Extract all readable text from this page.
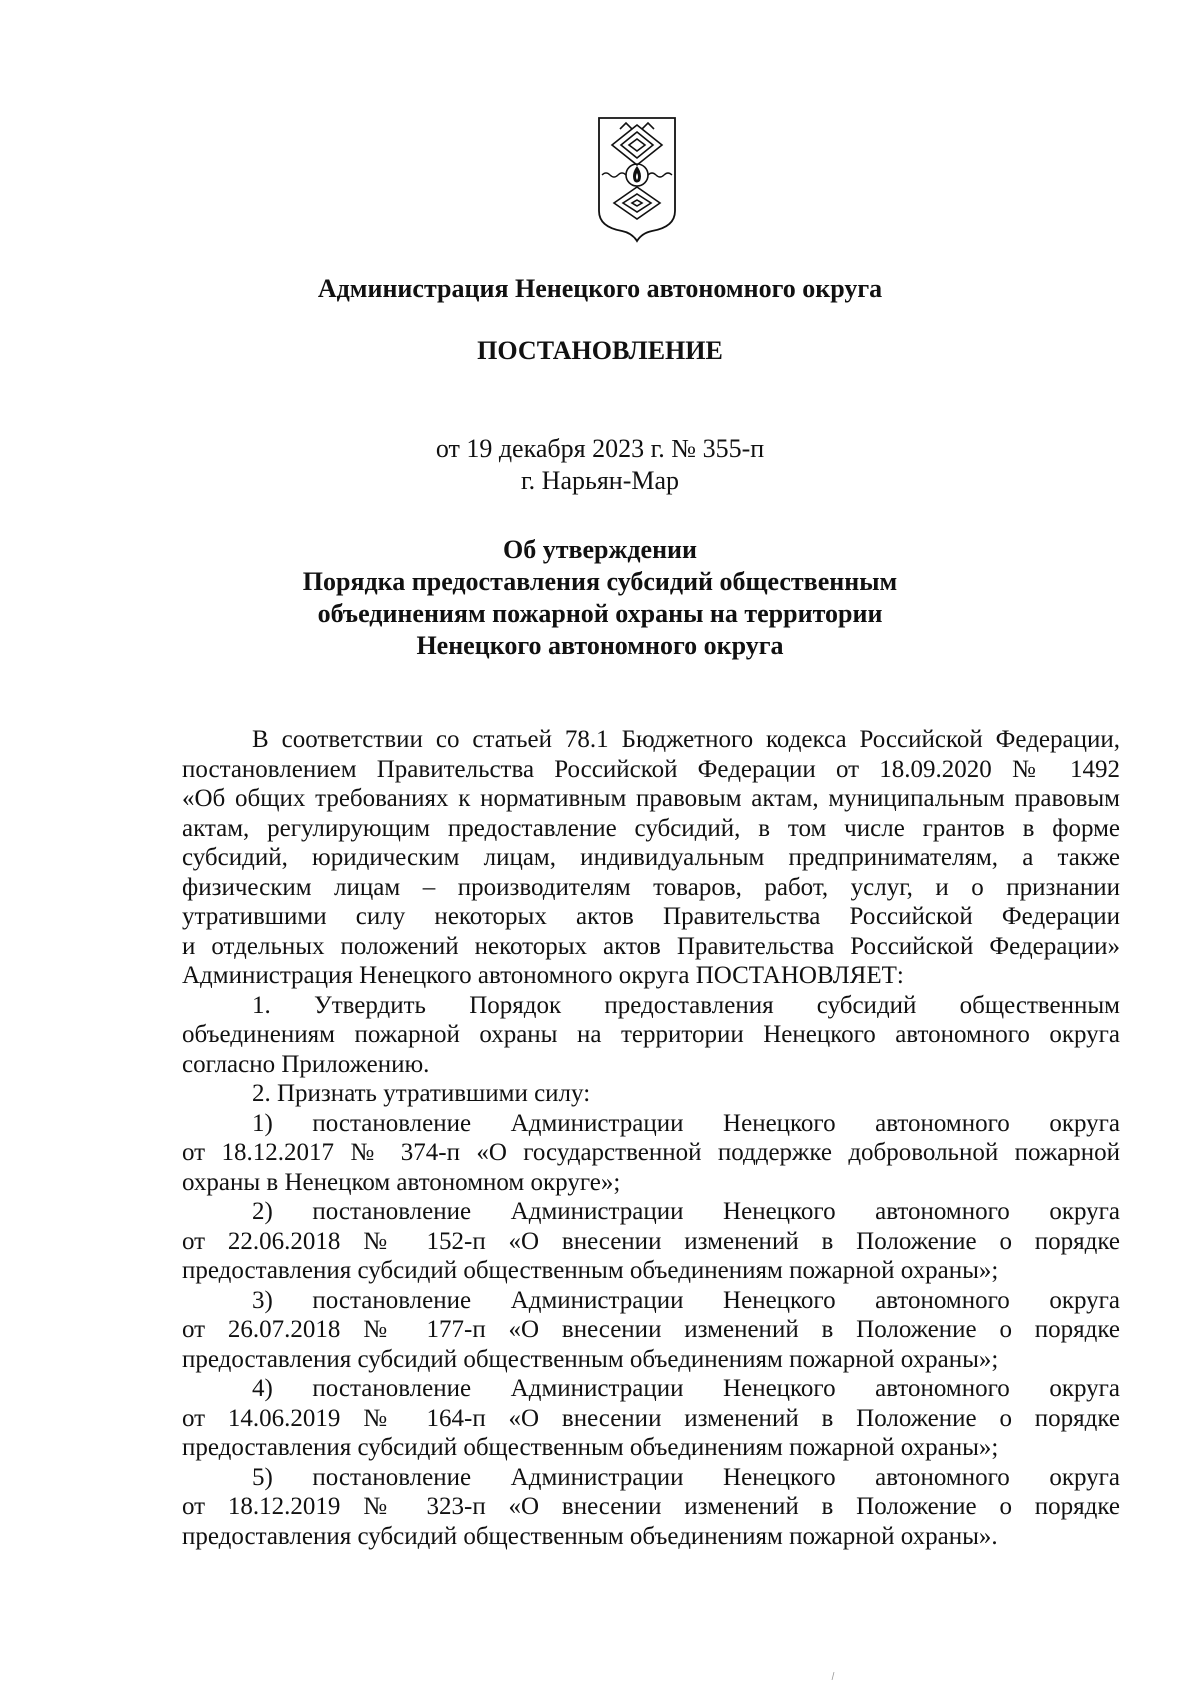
Администрация Ненецкого автономного округа
ПОСТАНОВЛЕНИЕ
от 19 декабря 2023 г. № 355-п
г. Нарьян-Мар
Об утверждении
Порядка предоставления субсидий общественным
объединениям пожарной охраны на территории
Ненецкого автономного округа
В соответствии со статьей 78.1 Бюджетного кодекса Российской Федерации,
постановлением Правительства Российской Федерации от 18.09.2020 № 1492
«Об общих требованиях к нормативным правовым актам, муниципальным правовым
актам, регулирующим предоставление субсидий, в том числе грантов в форме
субсидий, юридическим лицам, индивидуальным предпринимателям, а также
физическим лицам – производителям товаров, работ, услуг, и о признании
утратившими силу некоторых актов Правительства Российской Федерации
и отдельных положений некоторых актов Правительства Российской Федерации»
Администрация Ненецкого автономного округа ПОСТАНОВЛЯЕТ:
1. Утвердить Порядок предоставления субсидий общественным
объединениям пожарной охраны на территории Ненецкого автономного округа
согласно Приложению.
2. Признать утратившими силу:
1) постановление Администрации Ненецкого автономного округа
от 18.12.2017 № 374-п «О государственной поддержке добровольной пожарной
охраны в Ненецком автономном округе»;
2) постановление Администрации Ненецкого автономного округа
от 22.06.2018 № 152-п «О внесении изменений в Положение о порядке
предоставления субсидий общественным объединениям пожарной охраны»;
3) постановление Администрации Ненецкого автономного округа
от 26.07.2018 № 177-п «О внесении изменений в Положение о порядке
предоставления субсидий общественным объединениям пожарной охраны»;
4) постановление Администрации Ненецкого автономного округа
от 14.06.2019 № 164-п «О внесении изменений в Положение о порядке
предоставления субсидий общественным объединениям пожарной охраны»;
5) постановление Администрации Ненецкого автономного округа
от 18.12.2019 № 323-п «О внесении изменений в Положение о порядке
предоставления субсидий общественным объединениям пожарной охраны».
